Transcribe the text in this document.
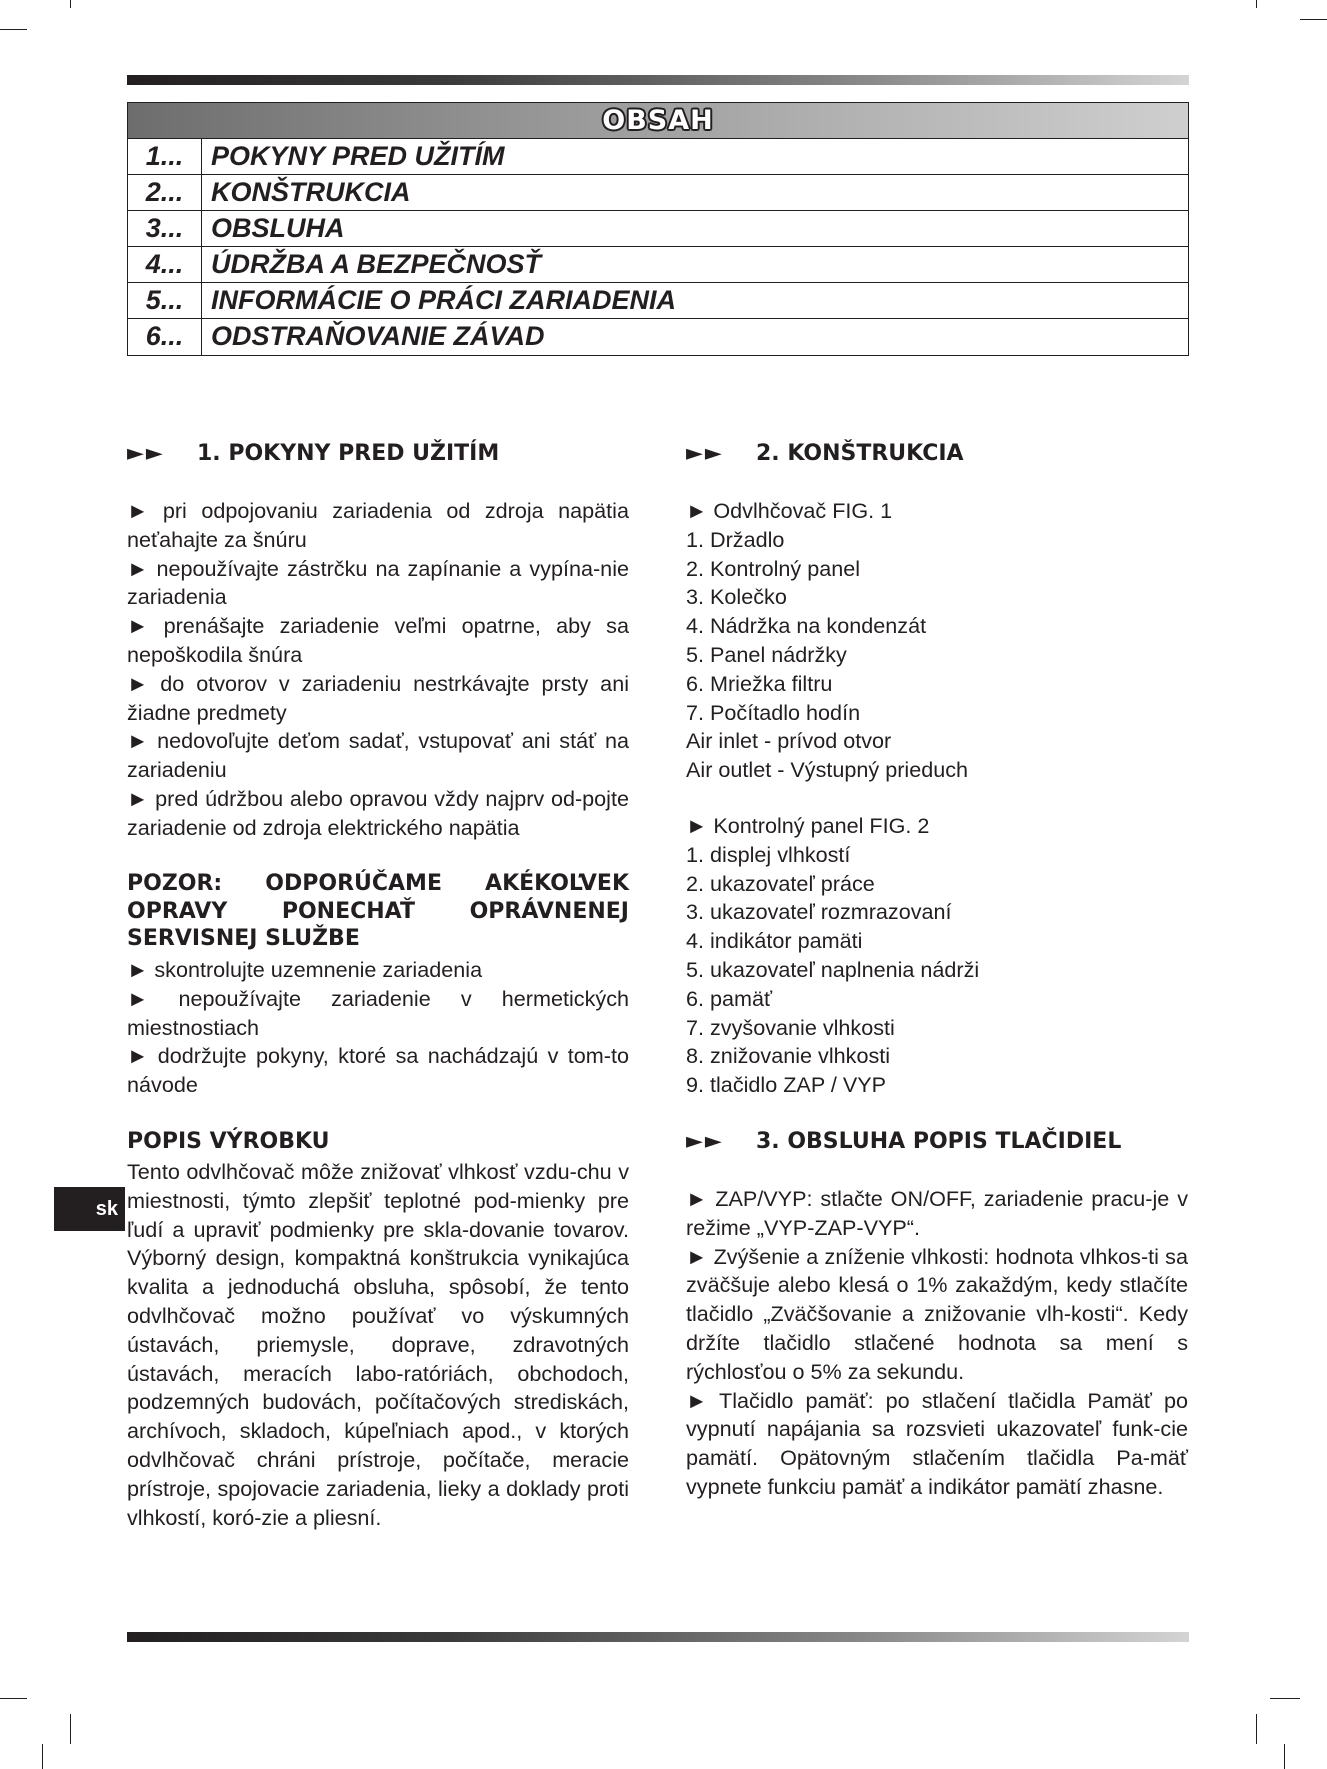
OBSAH
1...	POKYNY PRED UŽITÍM
2...	KONŠTRUKCIA
3...	OBSLUHA
4...	ÚDRŽBA A BEZPEČNOSŤ
5...	INFORMÁCIE O PRÁCI ZARIADENIA
6...	ODSTRAŇOVANIE ZÁVAD
►► 1. POKYNY PRED UŽITÍM

► pri odpojovaniu zariadenia od zdroja napätia neťahajte za šnúru

► nepoužívajte zástrčku na zapínanie a vypína-nie zariadenia

► prenášajte zariadenie veľmi opatrne, aby sa nepoškodila šnúra

► do otvorov v zariadeniu nestrkávajte prsty ani žiadne predmety

► nedovoľujte deťom sadať, vstupovať ani stáť na zariadeniu

► pred údržbou alebo opravou vždy najprv od-pojte zariadenie od zdroja elektrického napätia

POZOR: ODPORÚČAME AKÉKOĽVEK
OPRAVY PONECHAŤ OPRÁVNENEJ
SERVISNEJ SLUŽBE

► skontrolujte uzemnenie zariadenia

► nepoužívajte zariadenie v hermetických miestnostiach

► dodržujte pokyny, ktoré sa nachádzajú v tom-to návode

POPIS VÝROBKU

Tento odvlhčovač môže znižovať vlhkosť vzdu-chu v miestnosti, týmto zlepšiť teplotné pod-mienky pre ľudí a upraviť podmienky pre skla-dovanie tovarov. Výborný design, kompaktná konštrukcia vynikajúca kvalita a jednoduchá obsluha, spôsobí, že tento odvlhčovač možno používať vo výskumných ústavách, priemysle, doprave, zdravotných ústavách, meracích labo-ratóriách, obchodoch, podzemných budovách, počítačových strediskách, archívoch, skladoch, kúpeľniach apod., v ktorých odvlhčovač chráni prístroje, počítače, meracie prístroje, spojovacie zariadenia, lieky a doklady proti vlhkostí, koró-zie a pliesní.

►► 2. KONŠTRUKCIA

► Odvlhčovač FIG. 1

1. Držadlo

2. Kontrolný panel

3. Kolečko

4. Nádržka na kondenzát

5. Panel nádržky

6. Mriežka filtru

7. Počítadlo hodín

Air inlet - prívod otvor

Air outlet - Výstupný prieduch

► Kontrolný panel FIG. 2

1. displej vlhkostí

2. ukazovateľ práce

3. ukazovateľ rozmrazovaní

4. indikátor pamäti

5. ukazovateľ naplnenia nádrži

6. pamäť

7. zvyšovanie vlhkosti

8. znižovanie vlhkosti

9. tlačidlo ZAP / VYP

►► 3. OBSLUHA POPIS TLAČIDIEL

► ZAP/VYP: stlačte ON/OFF, zariadenie pracu-je v režime „VYP-ZAP-VYP“.

► Zvýšenie a zníženie vlhkosti: hodnota vlhkos-ti sa zväčšuje alebo klesá o 1% zakaždým, kedy stlačíte tlačidlo „Zväčšovanie a znižovanie vlh-kosti“. Kedy držíte tlačidlo stlačené hodnota sa mení s rýchlosťou o 5% za sekundu.

► Tlačidlo pamäť: po stlačení tlačidla Pamäť po vypnutí napájania sa rozsvieti ukazovateľ funk-cie pamätí. Opätovným stlačením tlačidla Pa-mäť vypnete funkciu pamäť a indikátor pamätí zhasne.

sk
